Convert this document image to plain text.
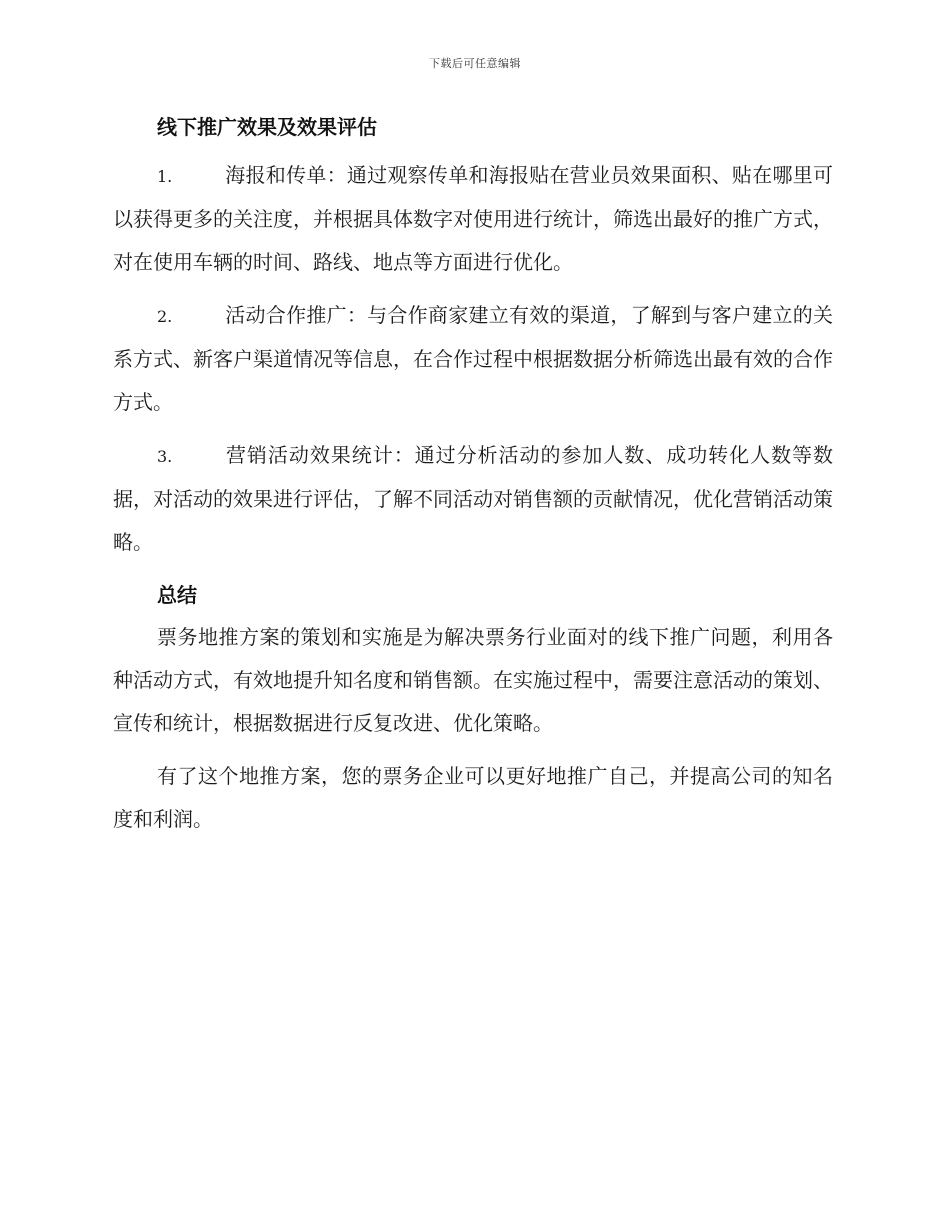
下载后可任意编辑
线下推广效果及效果评估
1.	海报和传单：通过观察传单和海报贴在营业员效果面积、贴在哪里可以获得更多的关注度，并根据具体数字对使用进行统计，筛选出最好的推广方式，对在使用车辆的时间、路线、地点等方面进行优化。
2.	活动合作推广：与合作商家建立有效的渠道，了解到与客户建立的关系方式、新客户渠道情况等信息，在合作过程中根据数据分析筛选出最有效的合作方式。
3.	营销活动效果统计：通过分析活动的参加人数、成功转化人数等数据，对活动的效果进行评估，了解不同活动对销售额的贡献情况，优化营销活动策略。
总结

票务地推方案的策划和实施是为解决票务行业面对的线下推广问题，利用各种活动方式，有效地提升知名度和销售额。在实施过程中，需要注意活动的策划、宣传和统计，根据数据进行反复改进、优化策略。

有了这个地推方案，您的票务企业可以更好地推广自己，并提高公司的知名度和利润。
